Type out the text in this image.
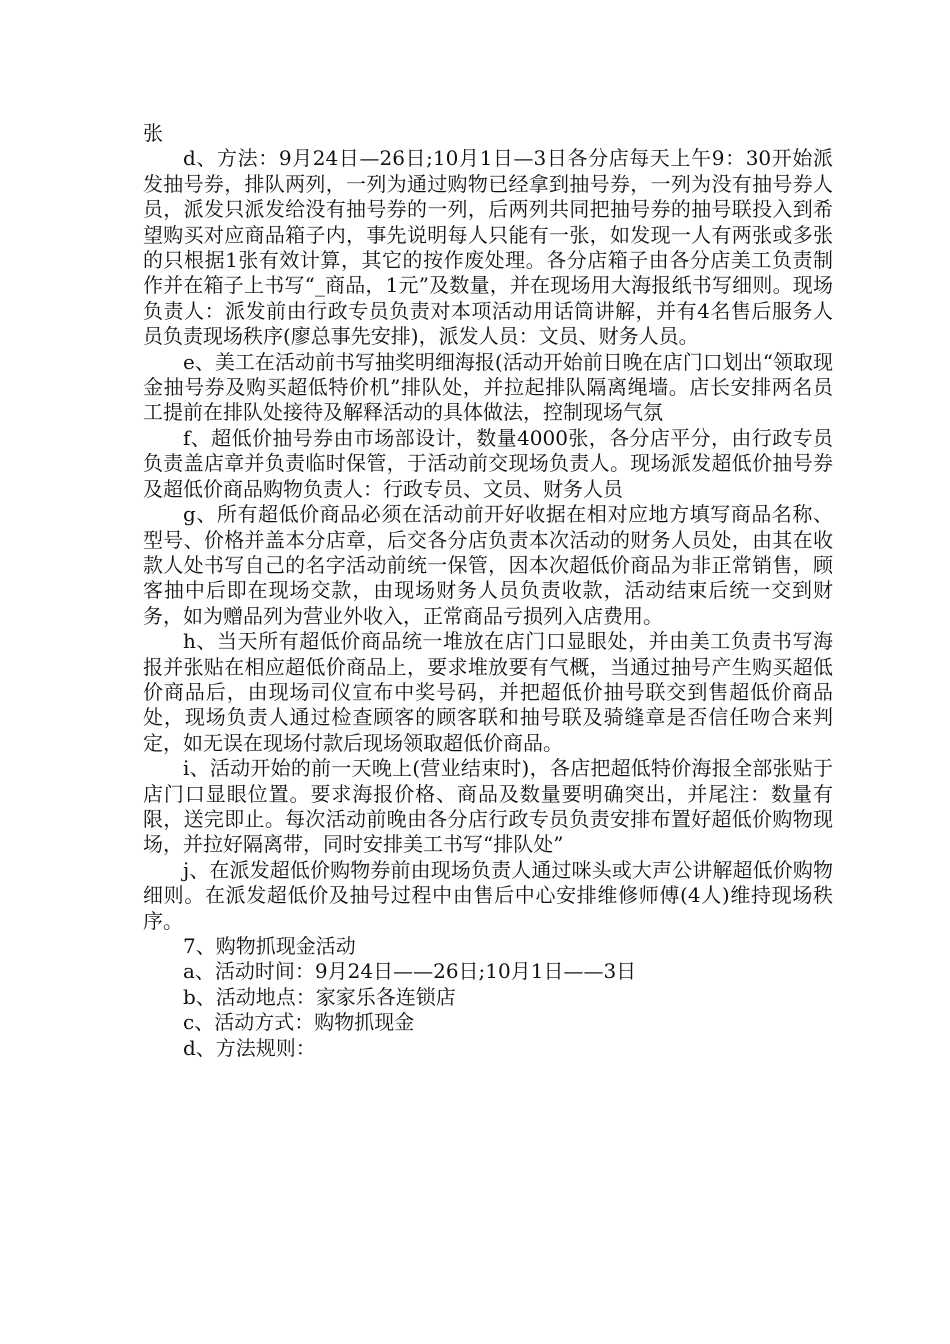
张

d、方法：9月24日—26日;10月1日—3日各分店每天上午9：30开始派发抽号券，排队两列，一列为通过购物已经拿到抽号券，一列为没有抽号券人员，派发只派发给没有抽号券的一列，后两列共同把抽号券的抽号联投入到希望购买对应商品箱子内，事先说明每人只能有一张，如发现一人有两张或多张的只根据1张有效计算，其它的按作废处理。各分店箱子由各分店美工负责制作并在箱子上书写“_商品，1元”及数量，并在现场用大海报纸书写细则。现场负责人：派发前由行政专员负责对本项活动用话筒讲解，并有4名售后服务人员负责现场秩序(廖总事先安排)，派发人员：文员、财务人员。

e、美工在活动前书写抽奖明细海报(活动开始前日晚在店门口划出“领取现金抽号券及购买超低特价机”排队处，并拉起排队隔离绳墙。店长安排两名员工提前在排队处接待及解释活动的具体做法，控制现场气氛

f、超低价抽号券由市场部设计，数量4000张，各分店平分，由行政专员负责盖店章并负责临时保管，于活动前交现场负责人。现场派发超低价抽号券及超低价商品购物负责人：行政专员、文员、财务人员

g、所有超低价商品必须在活动前开好收据在相对应地方填写商品名称、型号、价格并盖本分店章，后交各分店负责本次活动的财务人员处，由其在收款人处书写自己的名字活动前统一保管，因本次超低价商品为非正常销售，顾客抽中后即在现场交款，由现场财务人员负责收款，活动结束后统一交到财务，如为赠品列为营业外收入，正常商品亏损列入店费用。

h、当天所有超低价商品统一堆放在店门口显眼处，并由美工负责书写海报并张贴在相应超低价商品上，要求堆放要有气概，当通过抽号产生购买超低价商品后，由现场司仪宣布中奖号码，并把超低价抽号联交到售超低价商品处，现场负责人通过检查顾客的顾客联和抽号联及骑缝章是否信任吻合来判定，如无误在现场付款后现场领取超低价商品。

i、活动开始的前一天晚上(营业结束时)，各店把超低特价海报全部张贴于店门口显眼位置。要求海报价格、商品及数量要明确突出，并尾注：数量有限，送完即止。每次活动前晚由各分店行政专员负责安排布置好超低价购物现场，并拉好隔离带，同时安排美工书写“排队处”

j、在派发超低价购物券前由现场负责人通过咪头或大声公讲解超低价购物细则。在派发超低价及抽号过程中由售后中心安排维修师傅(4人)维持现场秩序。

7、购物抓现金活动

a、活动时间：9月24日——26日;10月1日——3日

b、活动地点：家家乐各连锁店

c、活动方式：购物抓现金

d、方法规则：
